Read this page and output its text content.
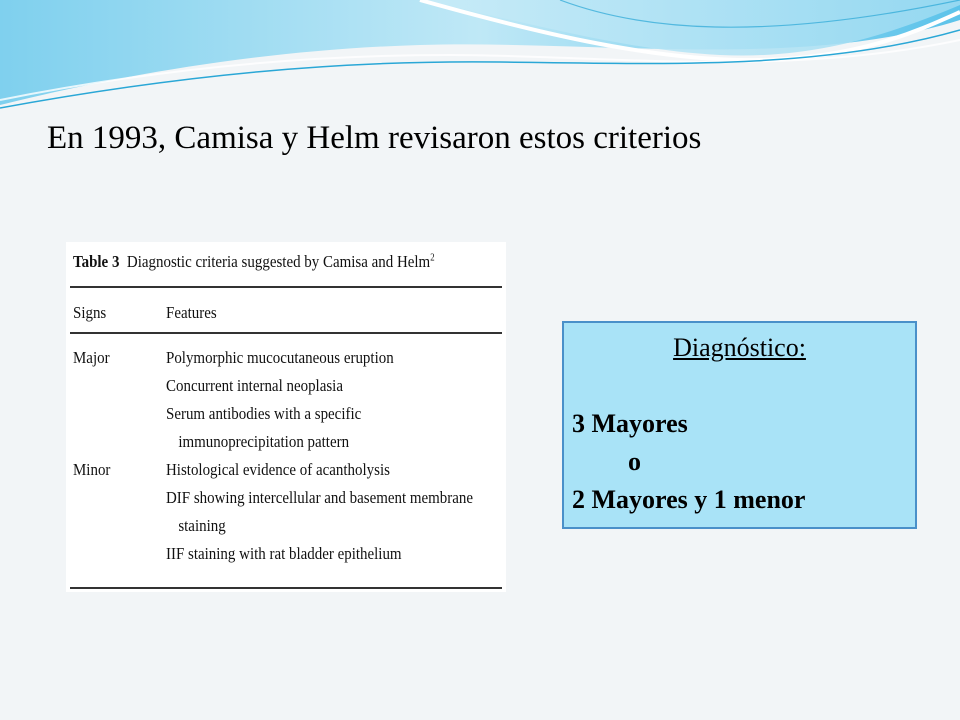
En 1993, Camisa y Helm revisaron estos criterios
Table 3 Diagnostic criteria suggested by Camisa and Helm$^2$
Signs	Features
Major	Polymorphic mucocutaneous eruption
Concurrent internal neoplasia
Serum antibodies with a specific
immunoprecipitation pattern
Minor	Histological evidence of acantholysis
DIF showing intercellular and basement membrane
staining
IIF staining with rat bladder epithelium
Diagnóstico:
3 Mayores
o
2 Mayores y 1 menor
